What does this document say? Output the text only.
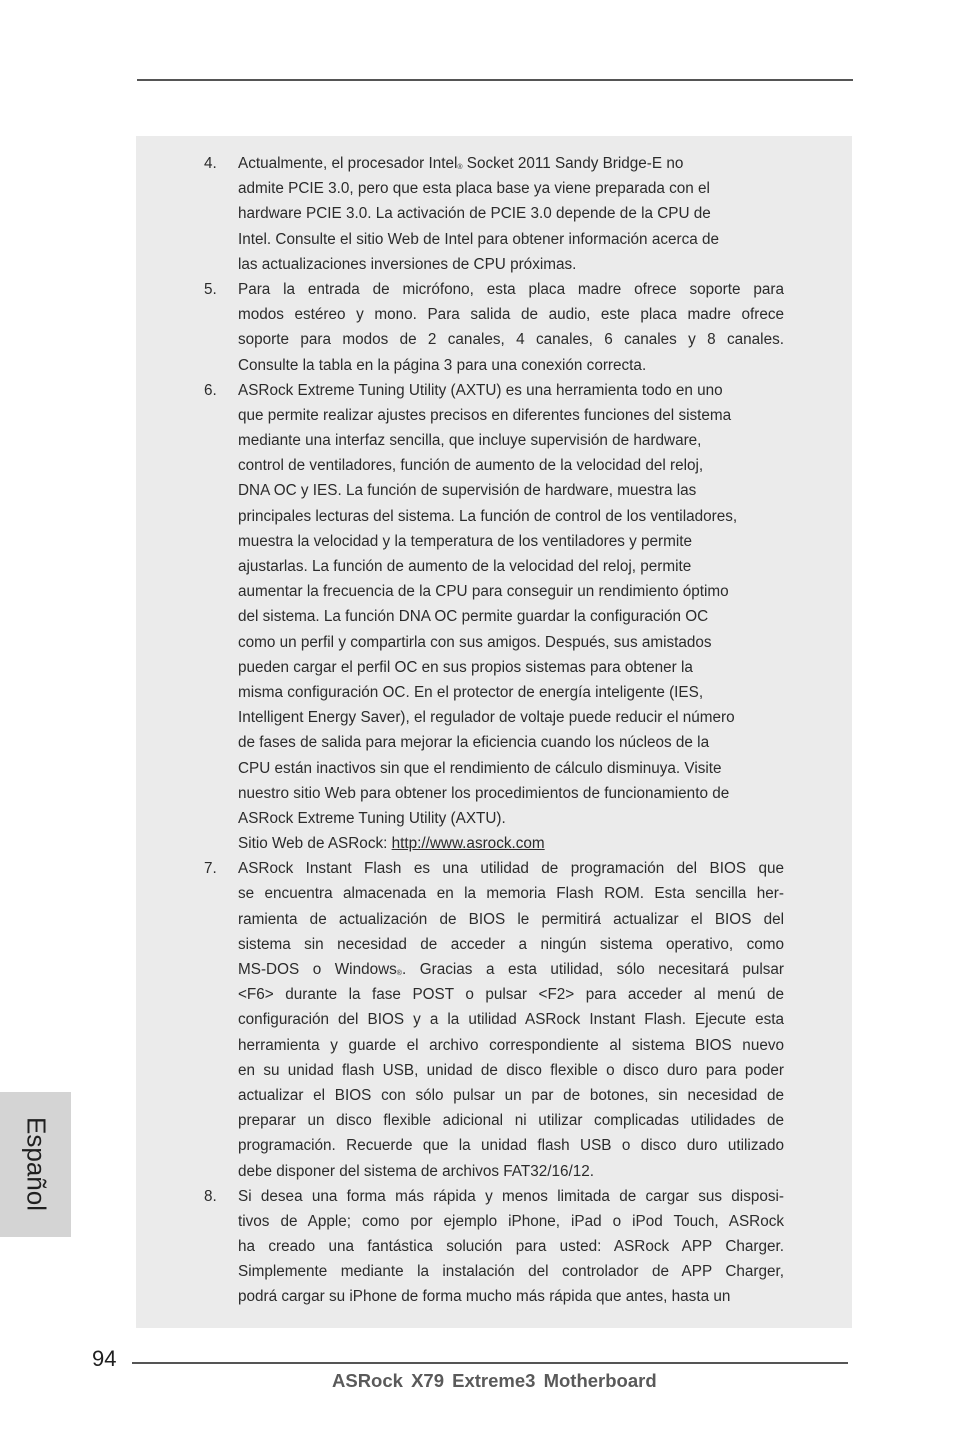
Español
4. Actualmente, el procesador Intel® Socket 2011 Sandy Bridge-E no
admite PCIE 3.0, pero que esta placa base ya viene preparada con el
hardware PCIE 3.0. La activación de PCIE 3.0 depende de la CPU de
Intel. Consulte el sitio Web de Intel para obtener información acerca de
las actualizaciones inversiones de CPU próximas.
5. Para la entrada de micrófono, esta placa madre ofrece soporte para
modos estéreo y mono. Para salida de audio, este placa madre ofrece
soporte para modos de 2 canales, 4 canales, 6 canales y 8 canales.
Consulte la tabla en la página 3 para una conexión correcta.
6. ASRock Extreme Tuning Utility (AXTU) es una herramienta todo en uno
que permite realizar ajustes precisos en diferentes funciones del sistema
mediante una interfaz sencilla, que incluye supervisión de hardware,
control de ventiladores, función de aumento de la velocidad del reloj,
DNA OC y IES. La función de supervisión de hardware, muestra las
principales lecturas del sistema. La función de control de los ventiladores,
muestra la velocidad y la temperatura de los ventiladores y permite
ajustarlas. La función de aumento de la velocidad del reloj, permite
aumentar la frecuencia de la CPU para conseguir un rendimiento óptimo
del sistema. La función DNA OC permite guardar la configuración OC
como un perfil y compartirla con sus amigos. Después, sus amistados
pueden cargar el perfil OC en sus propios sistemas para obtener la
misma configuración OC. En el protector de energía inteligente (IES,
Intelligent Energy Saver), el regulador de voltaje puede reducir el número
de fases de salida para mejorar la eficiencia cuando los núcleos de la
CPU están inactivos sin que el rendimiento de cálculo disminuya. Visite
nuestro sitio Web para obtener los procedimientos de funcionamiento de
ASRock Extreme Tuning Utility (AXTU).
Sitio Web de ASRock: http://www.asrock.com
7. ASRock Instant Flash es una utilidad de programación del BIOS que
se encuentra almacenada en la memoria Flash ROM. Esta sencilla her-
ramienta de actualización de BIOS le permitirá actualizar el BIOS del
sistema sin necesidad de acceder a ningún sistema operativo, como
MS-DOS o Windows®. Gracias a esta utilidad, sólo necesitará pulsar
<F6> durante la fase POST o pulsar <F2> para acceder al menú de
configuración del BIOS y a la utilidad ASRock Instant Flash. Ejecute esta
herramienta y guarde el archivo correspondiente al sistema BIOS nuevo
en su unidad flash USB, unidad de disco flexible o disco duro para poder
actualizar el BIOS con sólo pulsar un par de botones, sin necesidad de
preparar un disco flexible adicional ni utilizar complicadas utilidades de
programación. Recuerde que la unidad flash USB o disco duro utilizado
debe disponer del sistema de archivos FAT32/16/12.
8. Si desea una forma más rápida y menos limitada de cargar sus disposi-
tivos de Apple; como por ejemplo iPhone, iPad o iPod Touch, ASRock
ha creado una fantástica solución para usted: ASRock APP Charger.
Simplemente mediante la instalación del controlador de APP Charger,
podrá cargar su iPhone de forma mucho más rápida que antes, hasta un
94
ASRock X79 Extreme3 Motherboard
